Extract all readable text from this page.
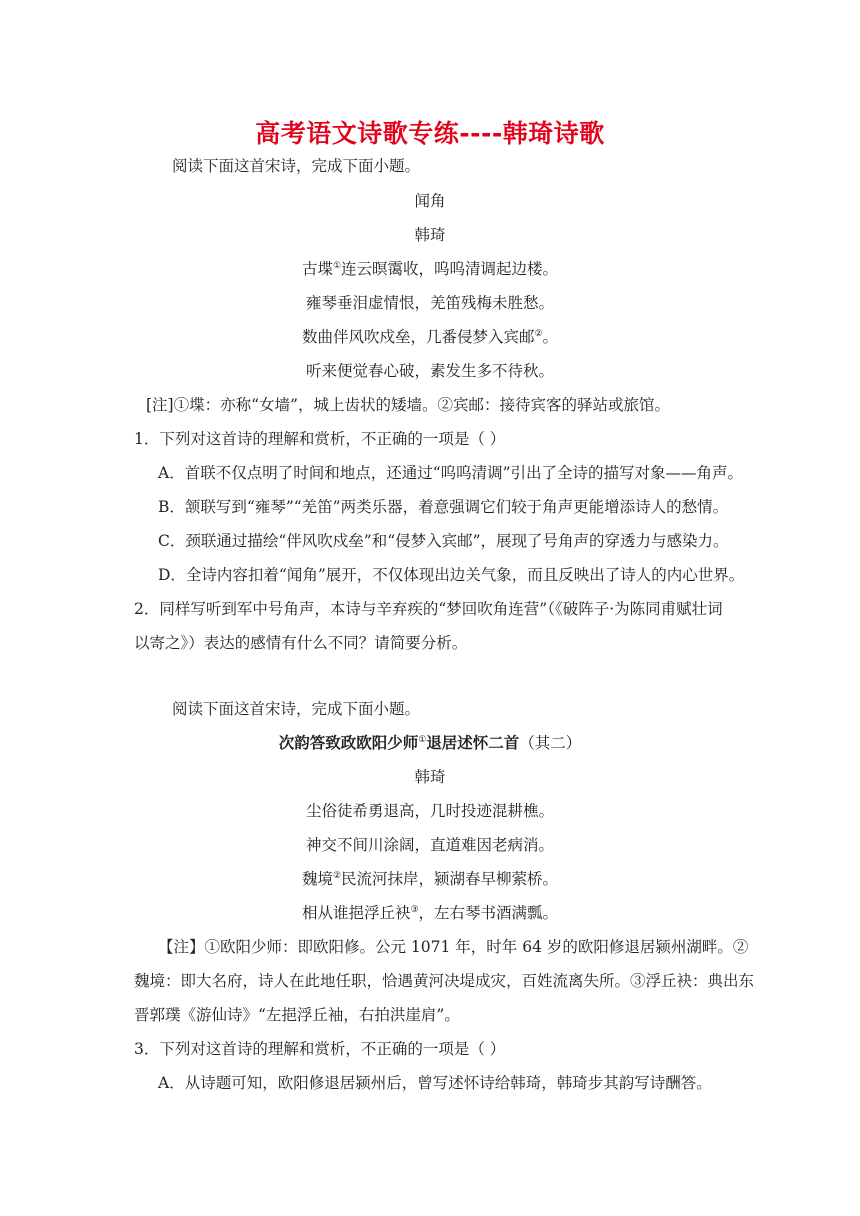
高考语文诗歌专练----韩琦诗歌
阅读下面这首宋诗，完成下面小题。
闻角
韩琦
古堞①连云暝霭收，呜呜清调起边楼。
雍琴垂泪虚情恨，羌笛残梅未胜愁。
数曲伴风吹戍垒，几番侵梦入宾邮②。
听来便觉春心破，素发生多不待秋。
[注]①堞：亦称“女墙”，城上齿状的矮墙。②宾邮：接待宾客的驿站或旅馆。
1．下列对这首诗的理解和赏析，不正确的一项是（ ）
A．首联不仅点明了时间和地点，还通过“呜呜清调”引出了全诗的描写对象——角声。
B．颔联写到“雍琴”“羌笛”两类乐器，着意强调它们较于角声更能增添诗人的愁情。
C．颈联通过描绘“伴风吹戍垒”和“侵梦入宾邮”，展现了号角声的穿透力与感染力。
D．全诗内容扣着“闻角”展开，不仅体现出边关气象，而且反映出了诗人的内心世界。
2．同样写听到军中号角声，本诗与辛弃疾的“梦回吹角连营”（《破阵子·为陈同甫赋壮词
以寄之》）表达的感情有什么不同？请简要分析。
阅读下面这首宋诗，完成下面小题。
次韵答致政欧阳少师①退居述怀二首（其二）
韩琦
尘俗徒希勇退高，几时投迹混耕樵。
神交不间川涂阔，直道难因老病消。
魏境②民流河抹岸，颍湖春早柳萦桥。
相从谁挹浮丘袂③，左右琴书酒满瓢。
【注】①欧阳少师：即欧阳修。公元 1071 年，时年 64 岁的欧阳修退居颍州湖畔。②
魏境：即大名府，诗人在此地任职，恰遇黄河决堤成灾，百姓流离失所。③浮丘袂：典出东
晋郭璞《游仙诗》“左挹浮丘袖，右拍洪崖肩”。
3．下列对这首诗的理解和赏析，不正确的一项是（ ）
A．从诗题可知，欧阳修退居颍州后，曾写述怀诗给韩琦，韩琦步其韵写诗酬答。
